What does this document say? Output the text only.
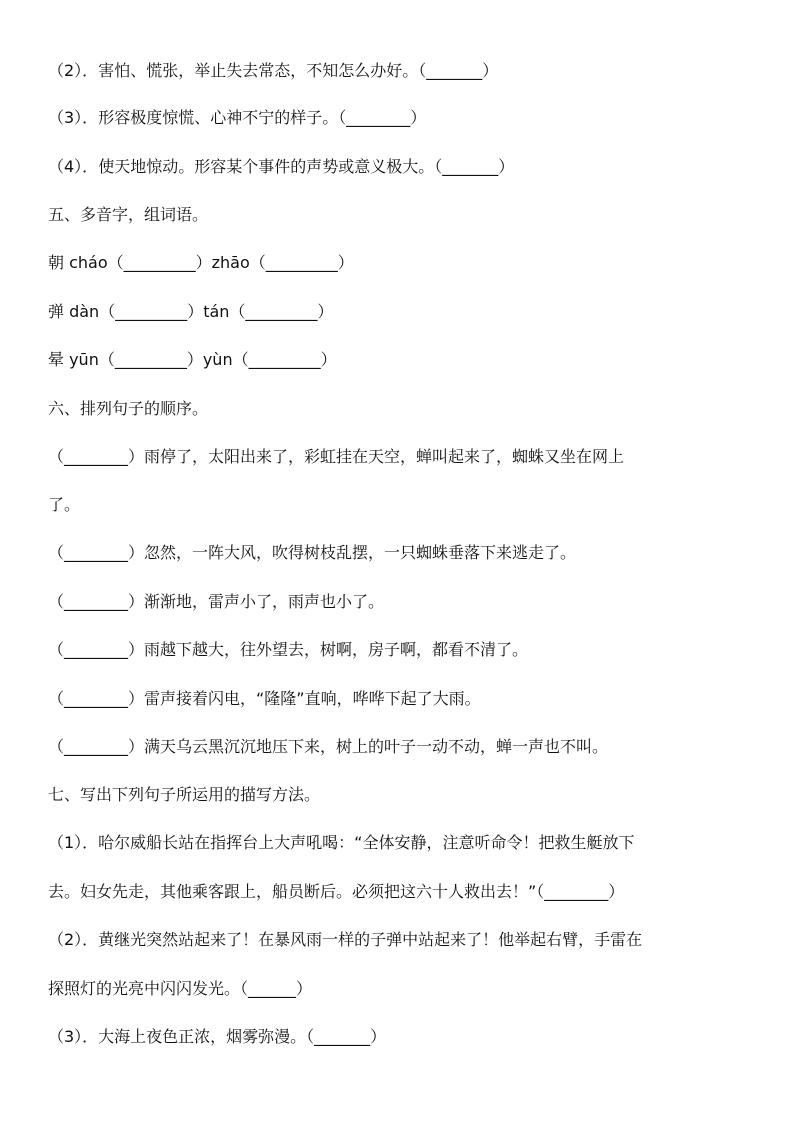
（2）．害怕、慌张，举止失去常态，不知怎么办好。（_______）
（3）．形容极度惊慌、心神不宁的样子。（________）
（4）．使天地惊动。形容某个事件的声势或意义极大。（_______）
五、多音字，组词语。
朝 cháo（_________）zhāo（_________）
弹 dàn（_________）tán（_________）
晕 yūn（_________）yùn（_________）
六、排列句子的顺序。
（________）雨停了，太阳出来了，彩虹挂在天空，蝉叫起来了，蜘蛛又坐在网上
了。
（________）忽然，一阵大风，吹得树枝乱摆，一只蜘蛛垂落下来逃走了。
（________）渐渐地，雷声小了，雨声也小了。
（________）雨越下越大，往外望去，树啊，房子啊，都看不清了。
（________）雷声接着闪电，“隆隆”直响，哗哗下起了大雨。
（________）满天乌云黑沉沉地压下来，树上的叶子一动不动，蝉一声也不叫。
七、写出下列句子所运用的描写方法。
（1）．哈尔威船长站在指挥台上大声吼喝：“全体安静，注意听命令！把救生艇放下
去。妇女先走，其他乘客跟上，船员断后。必须把这六十人救出去！”（________）
（2）．黄继光突然站起来了！在暴风雨一样的子弹中站起来了！他举起右臂，手雷在
探照灯的光亮中闪闪发光。（______）
（3）．大海上夜色正浓，烟雾弥漫。（_______）
